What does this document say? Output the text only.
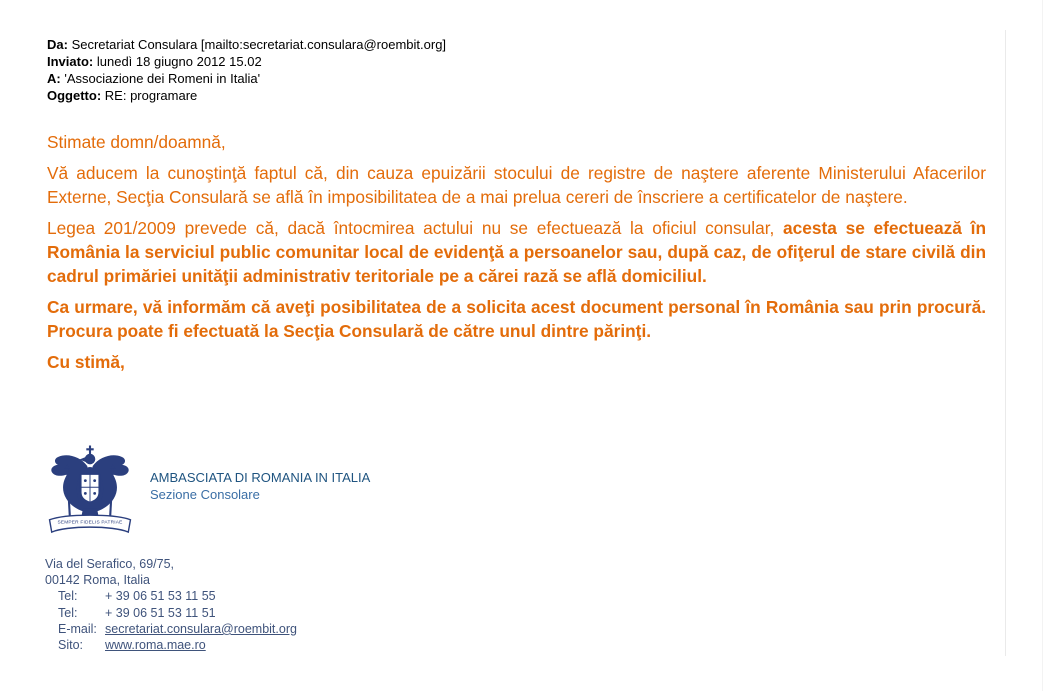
Da: Secretariat Consulara [mailto:secretariat.consulara@roembit.org]
Inviato: lunedì 18 giugno 2012 15.02
A: 'Associazione dei Romeni in Italia'
Oggetto: RE: programare

Stimate domn/doamnă,

Vă aducem la cunoştinţă faptul că, din cauza epuizării stocului de registre de naştere aferente Ministerului Afacerilor Externe, Secţia Consulară se află în imposibilitatea de a mai prelua cereri de înscriere a certificatelor de naştere.

Legea 201/2009 prevede că, dacă întocmirea actului nu se efectuează la oficiul consular, acesta se efectuează în România la serviciul public comunitar local de evidenţă a persoanelor sau, după caz, de ofiţerul de stare civilă din cadrul primăriei unităţii administrativ teritoriale pe a cărei rază se află domiciliul.

Ca urmare, vă informăm că aveţi posibilitatea de a solicita acest document personal în România sau prin procură. Procura poate fi efectuată la Secţia Consulară de către unul dintre părinţi.

Cu stimă,

SEMPER FIDELIS PATRIAE
AMBASCIATA DI ROMANIA IN ITALIA
Sezione Consolare
Via del Serafico, 69/75,
00142 Roma, Italia
Tel:	+ 39 06 51 53 11 55
Tel:	+ 39 06 51 53 11 51
E-mail: secretariat.consulara@roembit.org
Sito:	www.roma.mae.ro
